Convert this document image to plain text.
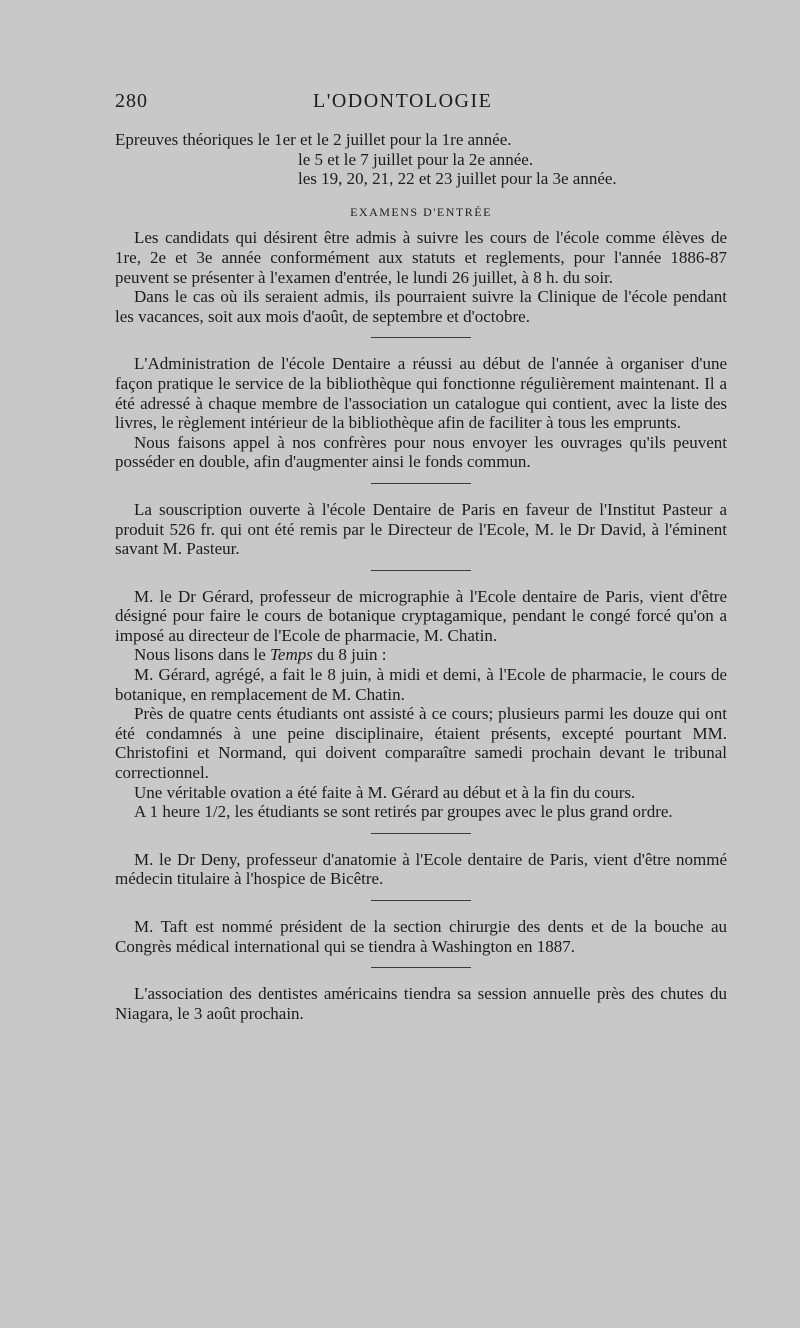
280	L'ODONTOLOGIE
Epreuves théoriques le 1er et le 2 juillet pour la 1re année.
le 5 et le 7 juillet pour la 2e année.
les 19, 20, 21, 22 et 23 juillet pour la 3e année.
EXAMENS D'ENTRÉE

Les candidats qui désirent être admis à suivre les cours de l'école comme élèves de 1re, 2e et 3e année conformément aux statuts et reglements, pour l'année 1886-87 peuvent se présenter à l'examen d'entrée, le lundi 26 juillet, à 8 h. du soir.

Dans le cas où ils seraient admis, ils pourraient suivre la Clinique de l'école pendant les vacances, soit aux mois d'août, de septembre et d'octobre.

L'Administration de l'école Dentaire a réussi au début de l'année à organiser d'une façon pratique le service de la bibliothèque qui fonctionne régulièrement maintenant. Il a été adressé à chaque membre de l'association un catalogue qui contient, avec la liste des livres, le règlement intérieur de la bibliothèque afin de faciliter à tous les emprunts.

Nous faisons appel à nos confrères pour nous envoyer les ouvrages qu'ils peuvent posséder en double, afin d'augmenter ainsi le fonds commun.

La souscription ouverte à l'école Dentaire de Paris en faveur de l'Institut Pasteur a produit 526 fr. qui ont été remis par le Directeur de l'Ecole, M. le Dr David, à l'éminent savant M. Pasteur.

M. le Dr Gérard, professeur de micrographie à l'Ecole dentaire de Paris, vient d'être désigné pour faire le cours de botanique cryptagamique, pendant le congé forcé qu'on a imposé au directeur de l'Ecole de pharmacie, M. Chatin.

Nous lisons dans le Temps du 8 juin :

M. Gérard, agrégé, a fait le 8 juin, à midi et demi, à l'Ecole de pharmacie, le cours de botanique, en remplacement de M. Chatin.

Près de quatre cents étudiants ont assisté à ce cours; plusieurs parmi les douze qui ont été condamnés à une peine disciplinaire, étaient présents, excepté pourtant MM. Christofini et Normand, qui doivent comparaître samedi prochain devant le tribunal correctionnel.

Une véritable ovation a été faite à M. Gérard au début et à la fin du cours.

A 1 heure 1/2, les étudiants se sont retirés par groupes avec le plus grand ordre.

M. le Dr Deny, professeur d'anatomie à l'Ecole dentaire de Paris, vient d'être nommé médecin titulaire à l'hospice de Bicêtre.

M. Taft est nommé président de la section chirurgie des dents et de la bouche au Congrès médical international qui se tiendra à Washington en 1887.

L'association des dentistes américains tiendra sa session annuelle près des chutes du Niagara, le 3 août prochain.
